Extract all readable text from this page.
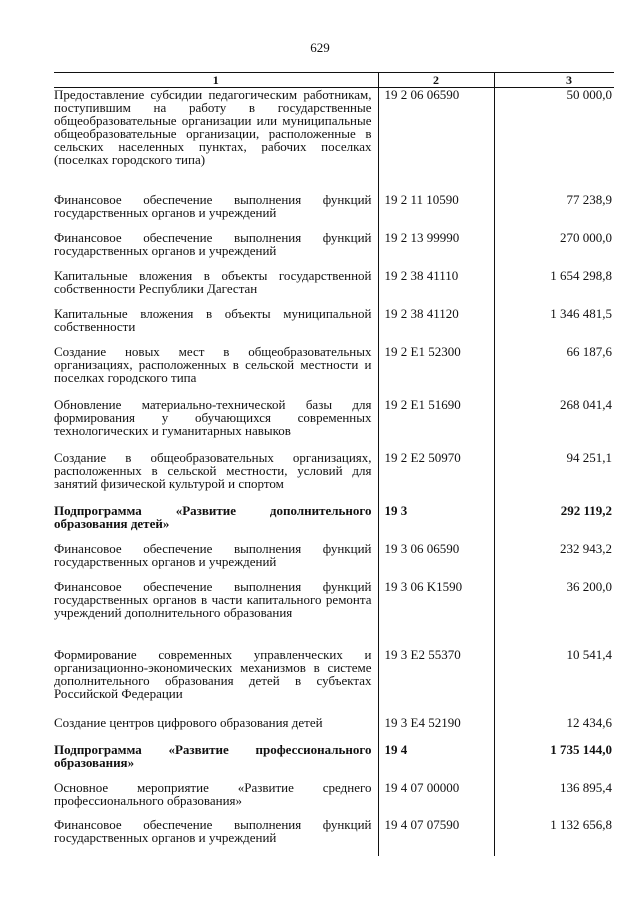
629
1	2	3
Предоставление субсидии педагогическим работникам, поступившим на работу в государственные общеобразовательные организации или муниципальные общеобразовательные организации, расположенные в сельских населенных пунктах, рабочих поселках (поселках городского типа)	19 2 06 06590	50 000,0
Финансовое обеспечение выполнения функций государственных органов и учреждений	19 2 11 10590	77 238,9
Финансовое обеспечение выполнения функций государственных органов и учреждений	19 2 13 99990	270 000,0
Капитальные вложения в объекты государственной собственности Республики Дагестан	19 2 38 41110	1 654 298,8
Капитальные вложения в объекты муниципальной собственности	19 2 38 41120	1 346 481,5
Создание новых мест в общеобразовательных организациях, расположенных в сельской местности и поселках городского типа	19 2 E1 52300	66 187,6
Обновление материально-технической базы для формирования у обучающихся современных технологических и гуманитарных навыков	19 2 E1 51690	268 041,4
Создание в общеобразовательных организациях, расположенных в сельской местности, условий для занятий физической культурой и спортом	19 2 E2 50970	94 251,1
Подпрограмма «Развитие дополнительного образования детей»	19 3	292 119,2
Финансовое обеспечение выполнения функций государственных органов и учреждений	19 3 06 06590	232 943,2
Финансовое обеспечение выполнения функций государственных органов в части капитального ремонта учреждений дополнительного образования	19 3 06 K1590	36 200,0
Формирование современных управленческих и организационно-экономических механизмов в системе дополнительного образования детей в субъектах Российской Федерации	19 3 E2 55370	10 541,4
Создание центров цифрового образования детей	19 3 E4 52190	12 434,6
Подпрограмма «Развитие профессионального образования»	19 4	1 735 144,0
Основное мероприятие «Развитие среднего профессионального образования»	19 4 07 00000	136 895,4
Финансовое обеспечение выполнения функций государственных органов и учреждений	19 4 07 07590	1 132 656,8
